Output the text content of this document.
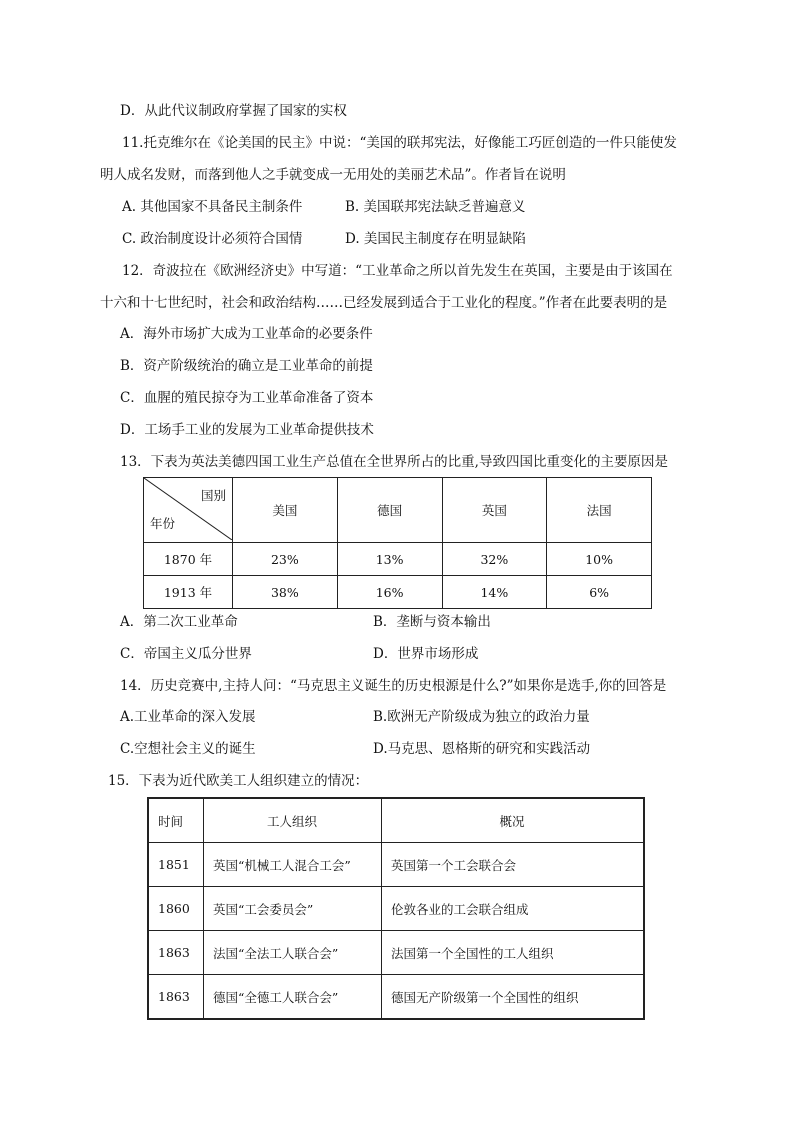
D．从此代议制政府掌握了国家的实权
11.托克维尔在《论美国的民主》中说：“美国的联邦宪法，好像能工巧匠创造的一件只能使发
明人成名发财，而落到他人之手就变成一无用处的美丽艺术品”。作者旨在说明
A. 其他国家不具备民主制条件	B. 美国联邦宪法缺乏普遍意义
C. 政治制度设计必须符合国情	D. 美国民主制度存在明显缺陷
12．奇波拉在《欧洲经济史》中写道：“工业革命之所以首先发生在英国，主要是由于该国在
十六和十七世纪时，社会和政治结构……已经发展到适合于工业化的程度。”作者在此要表明的是
A．海外市场扩大成为工业革命的必要条件
B．资产阶级统治的确立是工业革命的前提
C．血腥的殖民掠夺为工业革命准备了资本
D．工场手工业的发展为工业革命提供技术
13．下表为英法美德四国工业生产总值在全世界所占的比重,导致四国比重变化的主要原因是
国别
年份	美国	德国	英国	法国
1870 年	23%	13%	32%	10%
1913 年	38%	16%	14%	6%
A．第二次工业革命	B．垄断与资本输出
C．帝国主义瓜分世界	D．世界市场形成
14．历史竞赛中,主持人问：“马克思主义诞生的历史根源是什么?”如果你是选手,你的回答是
A.工业革命的深入发展	B.欧洲无产阶级成为独立的政治力量
C.空想社会主义的诞生	D.马克思、恩格斯的研究和实践活动
15．下表为近代欧美工人组织建立的情况：
时间	工人组织	概况
1851	英国“机械工人混合工会”	英国第一个工会联合会
1860	英国“工会委员会”	伦敦各业的工会联合组成
1863	法国“全法工人联合会”	法国第一个全国性的工人组织
1863	德国“全德工人联合会”	德国无产阶级第一个全国性的组织
